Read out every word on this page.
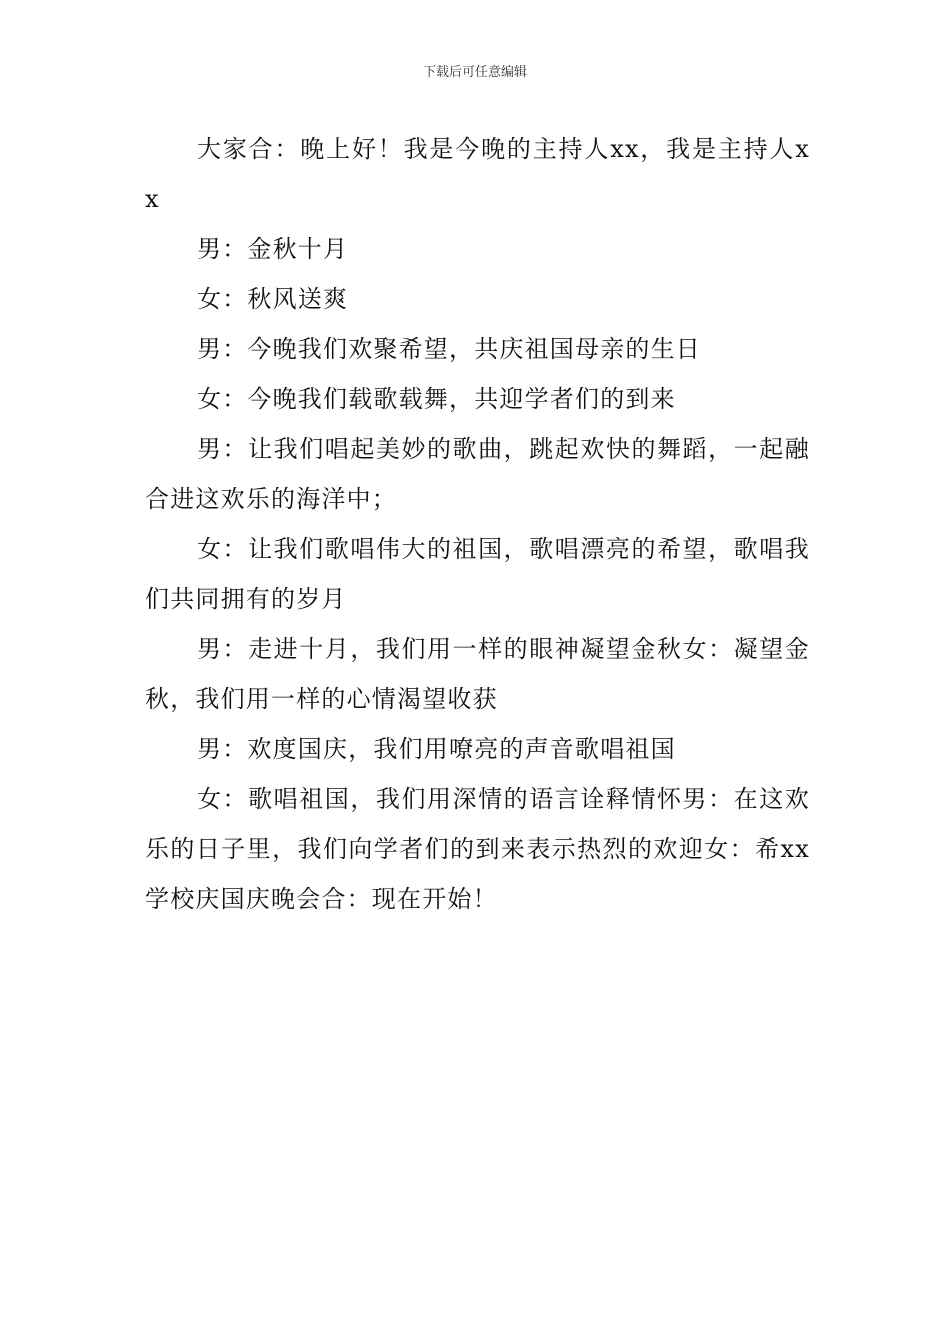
下载后可任意编辑

大家合：晚上好！我是今晚的主持人xx，我是主持人xx

男：金秋十月

女：秋风送爽

男：今晚我们欢聚希望，共庆祖国母亲的生日

女：今晚我们载歌载舞，共迎学者们的到来

男：让我们唱起美妙的歌曲，跳起欢快的舞蹈，一起融合进这欢乐的海洋中；

女：让我们歌唱伟大的祖国，歌唱漂亮的希望，歌唱我们共同拥有的岁月

男：走进十月，我们用一样的眼神凝望金秋女：凝望金秋，我们用一样的心情渴望收获

男：欢度国庆，我们用嘹亮的声音歌唱祖国

女：歌唱祖国，我们用深情的语言诠释情怀男：在这欢乐的日子里，我们向学者们的到来表示热烈的欢迎女：希xx学校庆国庆晚会合：现在开始！
